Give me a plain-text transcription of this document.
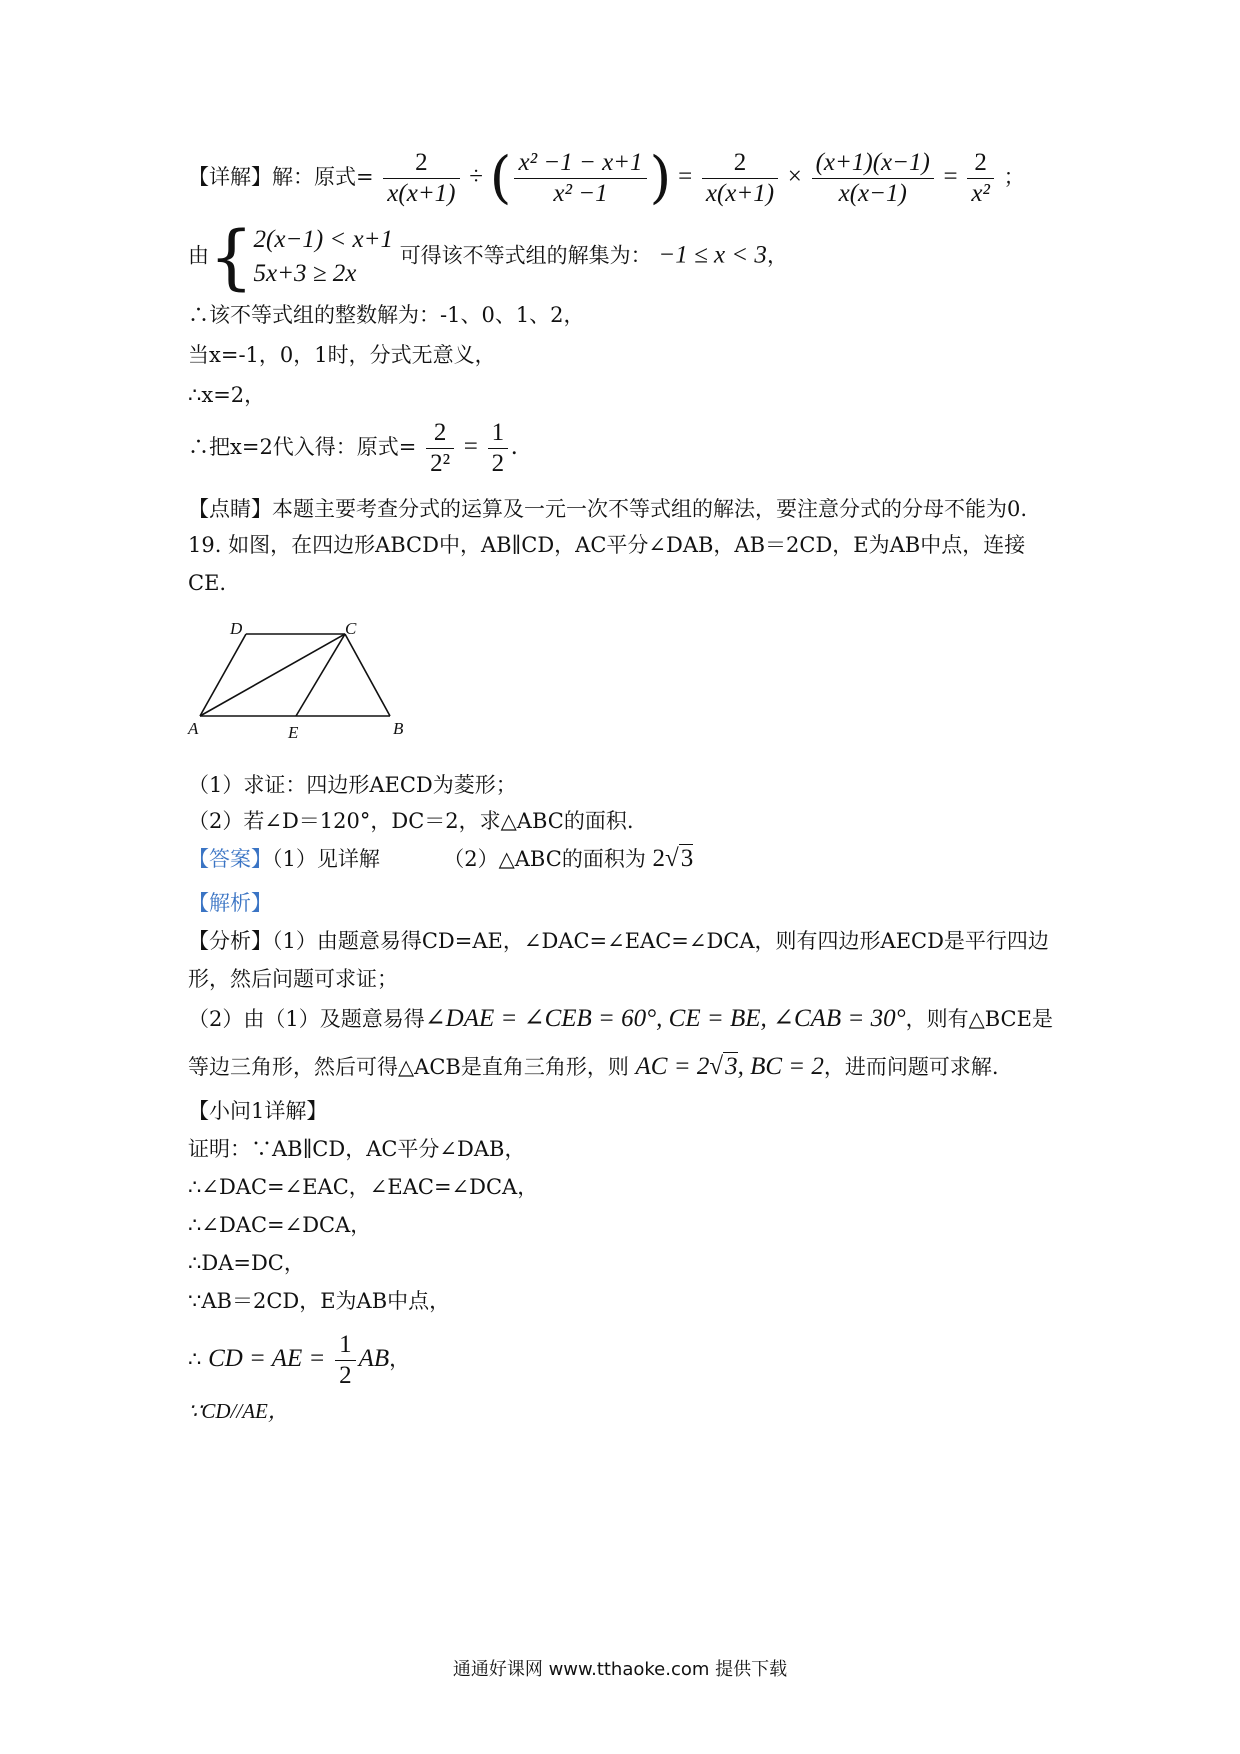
【详解】解：原式= $\frac{2}{x(x+1)}$ ÷ ( $\frac{\text{x² −1 − x+1}}{\text{x² −1}}$ ) = $\frac{2}{x(x+1)} \times \frac{(x+1)(x-1)}{x(x-1)} = \frac{2}{\text{x²}}$ ；
由{ 2(x−1) < x+1
5x+3 ≥ 2x
可得该不等式组的解集为： −1 ≤ x < 3，
∴该不等式组的整数解为：-1、0、1、2，
当x=-1，0，1时，分式无意义，
∴x=2，
∴把x=2代入得：原式= $\frac{2}{\text{2²}} = \frac{1}{2}$ .
【点睛】本题主要考查分式的运算及一元一次不等式组的解法，要注意分式的分母不能为0.
19. 如图，在四边形ABCD中，AB∥CD，AC平分∠DAB，AB＝2CD，E为AB中点，连接
CE.
D	C
A	E	B
（1）求证：四边形AECD为菱形；
（2）若∠D＝120°，DC＝2，求△ABC的面积.
【答案】（1）见详解	（2）△ABC的面积为 2√3
【解析】
【分析】（1）由题意易得CD=AE，∠DAC=∠EAC=∠DCA，则有四边形AECD是平行四边
形，然后问题可求证；
（2）由（1）及题意易得∠DAE = ∠CEB = 60°, CE = BE, ∠CAB = 30°，则有△BCE是
等边三角形，然后可得△ACB是直角三角形，则 AC = 2√3, BC = 2，进而问题可求解.
【小问1详解】
证明：∵AB∥CD，AC平分∠DAB，
∴∠DAC=∠EAC，∠EAC=∠DCA，
∴∠DAC=∠DCA，
∴DA=DC，
∵AB＝2CD，E为AB中点，
∴ CD = AE = $\frac{1}{2}$ AB，
∵CD//AE，
通通好课网 www.tthaoke.com 提供下载
